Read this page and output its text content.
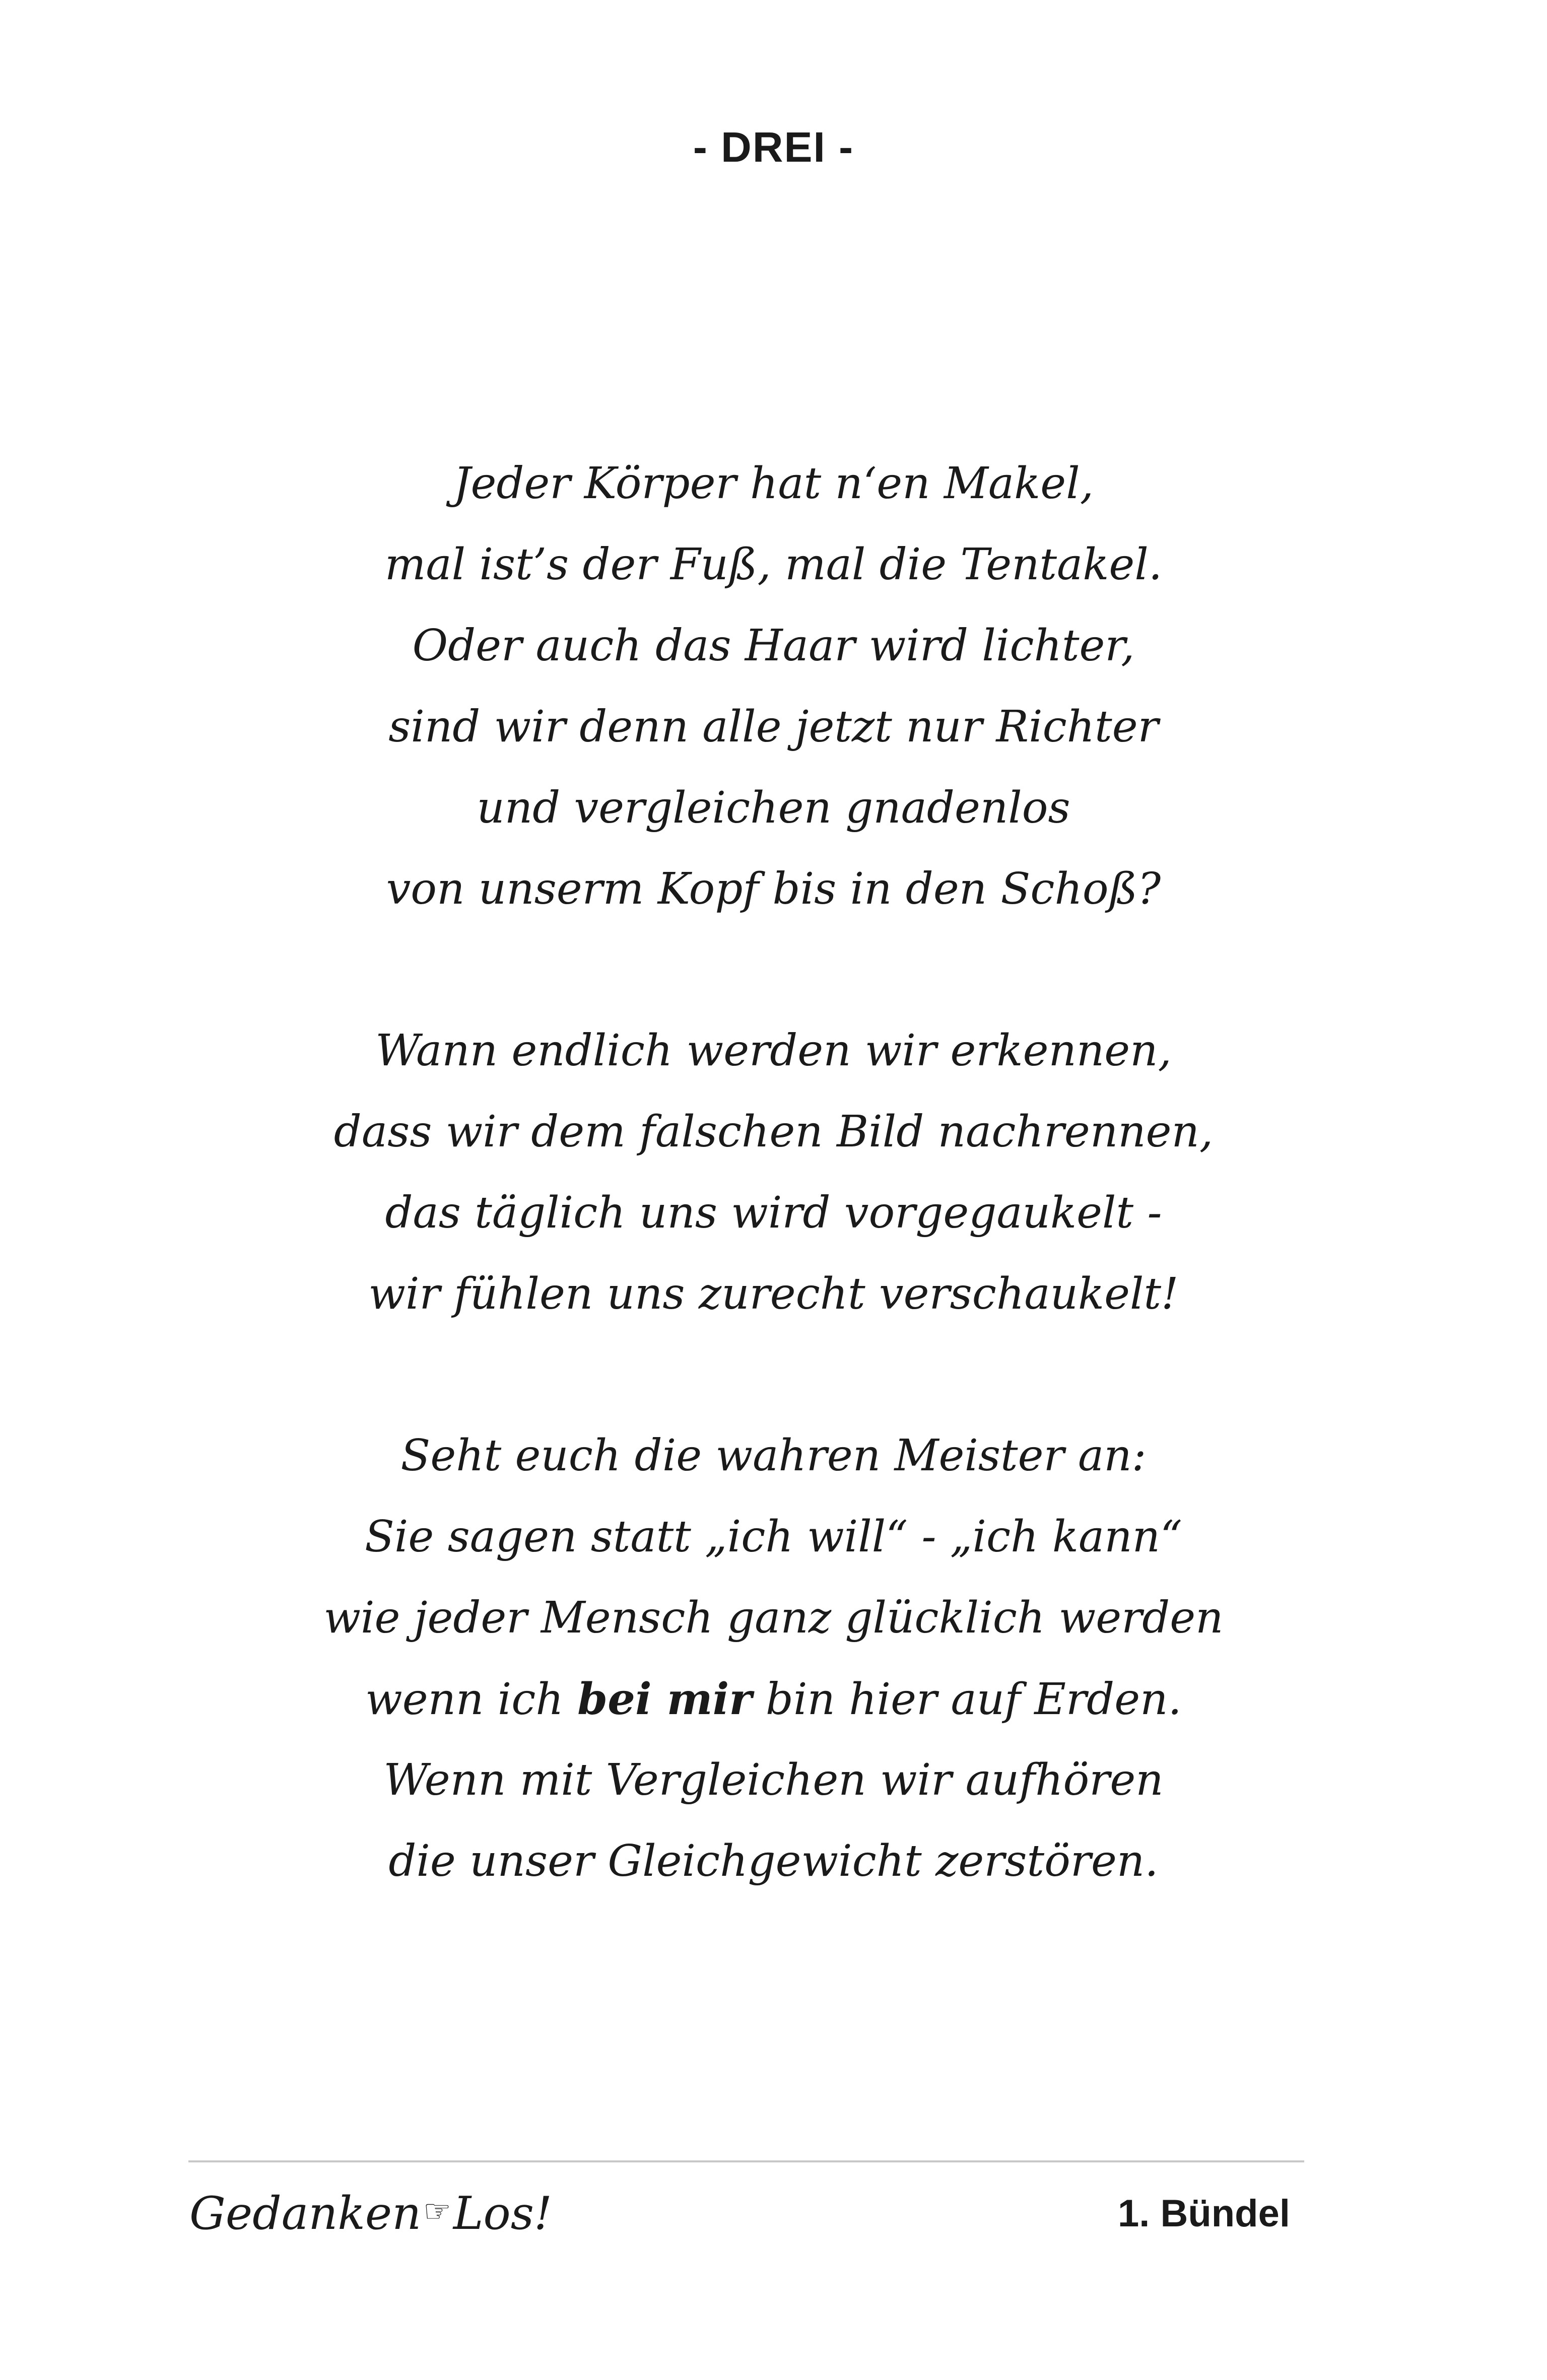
- DREI -
Jeder Körper hat n‘en Makel,
mal ist’s der Fuß, mal die Tentakel.
Oder auch das Haar wird lichter,
sind wir denn alle jetzt nur Richter
und vergleichen gnadenlos
von unserm Kopf bis in den Schoß?
Wann endlich werden wir erkennen,
dass wir dem falschen Bild nachrennen,
das täglich uns wird vorgegaukelt -
wir fühlen uns zurecht verschaukelt!
Seht euch die wahren Meister an:
Sie sagen statt „ich will“ - „ich kann“
wie jeder Mensch ganz glücklich werden
wenn ich bei mir bin hier auf Erden.
Wenn mit Vergleichen wir aufhören
die unser Gleichgewicht zerstören.
Gedanken☞Los!	1. Bündel
